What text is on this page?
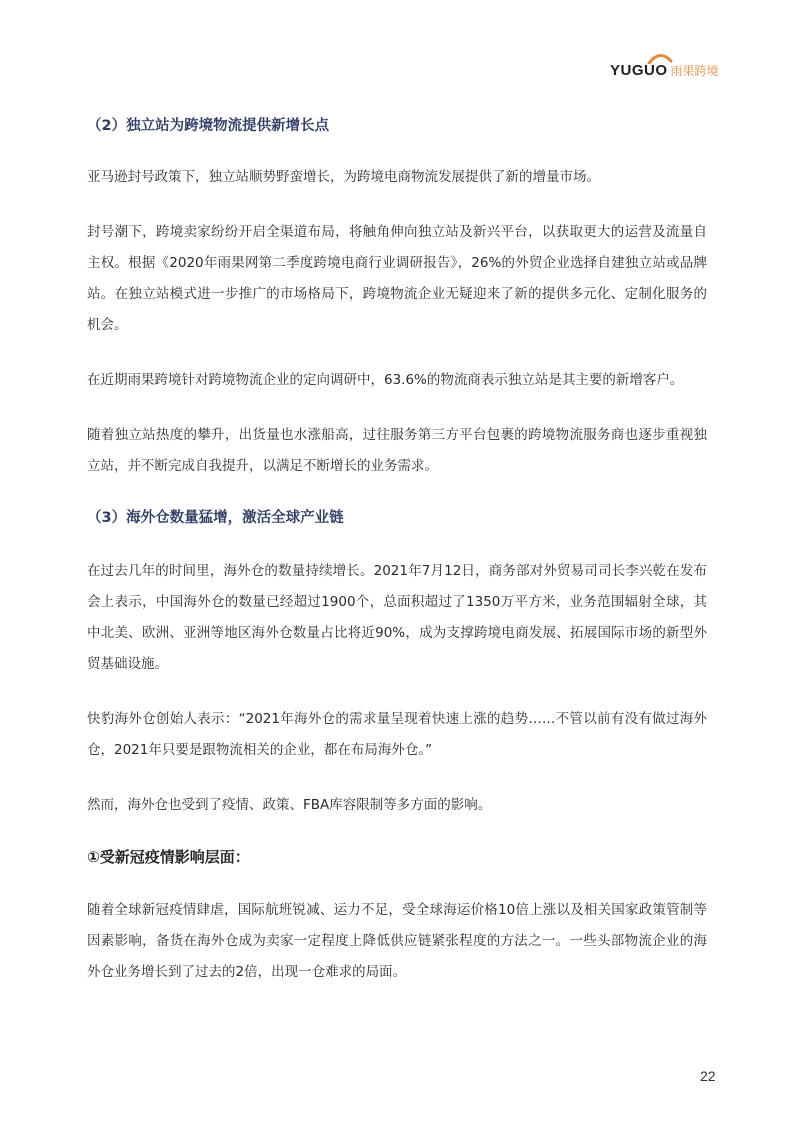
YUGUO 雨果跨境

（2）独立站为跨境物流提供新增长点

亚马逊封号政策下，独立站顺势野蛮增长，为跨境电商物流发展提供了新的增量市场。

封号潮下，跨境卖家纷纷开启全渠道布局，将触角伸向独立站及新兴平台，以获取更大的运营及流量自主权。根据《2020年雨果网第二季度跨境电商行业调研报告》，26%的外贸企业选择自建独立站或品牌站。在独立站模式进一步推广的市场格局下，跨境物流企业无疑迎来了新的提供多元化、定制化服务的机会。

在近期雨果跨境针对跨境物流企业的定向调研中，63.6%的物流商表示独立站是其主要的新增客户。

随着独立站热度的攀升，出货量也水涨船高，过往服务第三方平台包裹的跨境物流服务商也逐步重视独立站，并不断完成自我提升，以满足不断增长的业务需求。

（3）海外仓数量猛增，激活全球产业链

在过去几年的时间里，海外仓的数量持续增长。2021年7月12日，商务部对外贸易司司长李兴乾在发布会上表示，中国海外仓的数量已经超过1900个，总面积超过了1350万平方米，业务范围辐射全球，其中北美、欧洲、亚洲等地区海外仓数量占比将近90%，成为支撑跨境电商发展、拓展国际市场的新型外贸基础设施。

快豹海外仓创始人表示：“2021年海外仓的需求量呈现着快速上涨的趋势……不管以前有没有做过海外仓，2021年只要是跟物流相关的企业，都在布局海外仓。”

然而，海外仓也受到了疫情、政策、FBA库容限制等多方面的影响。

①受新冠疫情影响层面：

随着全球新冠疫情肆虐，国际航班锐减、运力不足，受全球海运价格10倍上涨以及相关国家政策管制等因素影响，备货在海外仓成为卖家一定程度上降低供应链紧张程度的方法之一。一些头部物流企业的海外仓业务增长到了过去的2倍，出现一仓难求的局面。

22
